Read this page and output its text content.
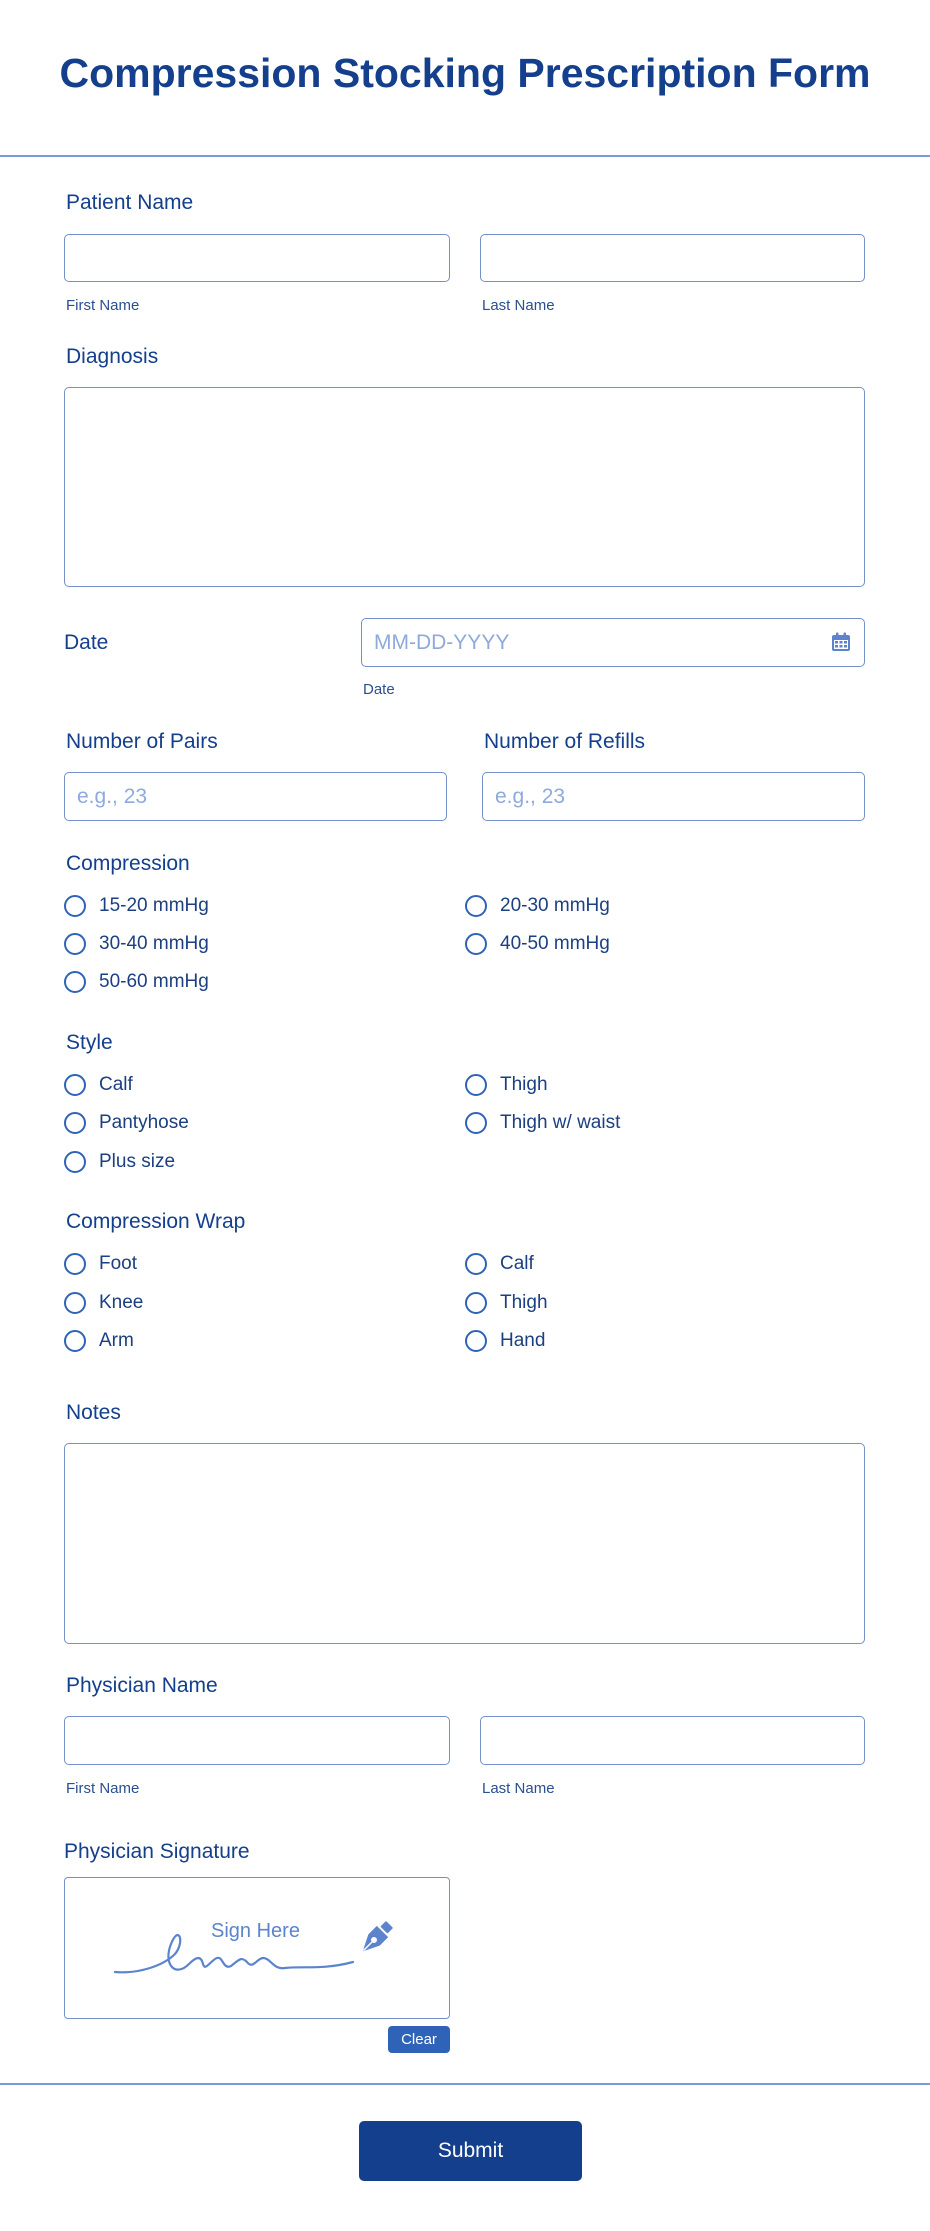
Compression Stocking Prescription Form
Patient Name
First Name	Last Name
Diagnosis
Date
MM-DD-YYYY
Date
Number of Pairs	Number of Refills
e.g., 23
e.g., 23
Compression
15-20 mmHg	20-30 mmHg
30-40 mmHg	40-50 mmHg
50-60 mmHg
Style
Calf	Thigh
Pantyhose	Thigh w/ waist
Plus size
Compression Wrap
Foot	Calf
Knee	Thigh
Arm	Hand
Notes
Physician Name
First Name	Last Name
Physician Signature
Sign Here
Clear
Submit
